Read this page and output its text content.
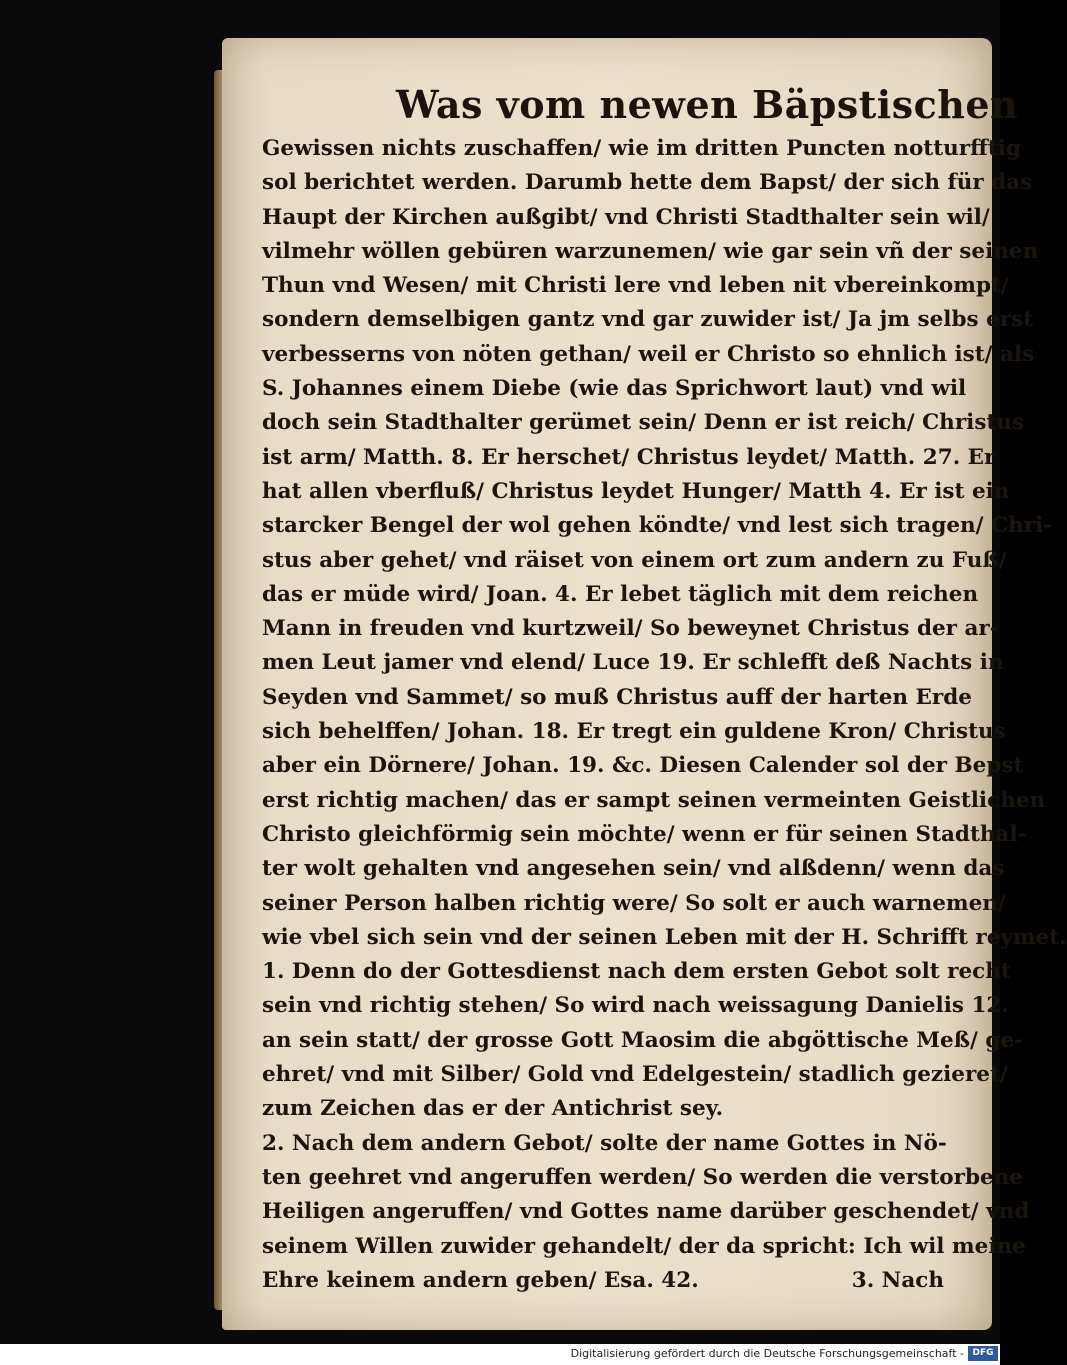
Was vom newen Bäpstischen
Gewissen nichts zuschaffen/ wie im dritten Puncten notturfftig
sol berichtet werden. Darumb hette dem Bapst/ der sich für das
Haupt der Kirchen außgibt/ vnd Christi Stadthalter sein wil/
vilmehr wöllen gebüren warzunemen/ wie gar sein vñ der seinen
Thun vnd Wesen/ mit Christi lere vnd leben nit vbereinkompt/
sondern demselbigen gantz vnd gar zuwider ist/ Ja jm selbs erst
verbesserns von nöten gethan/ weil er Christo so ehnlich ist/ als
S. Johannes einem Diebe (wie das Sprichwort laut) vnd wil
doch sein Stadthalter gerümet sein/ Denn er ist reich/ Christus
ist arm/ Matth. 8. Er herschet/ Christus leydet/ Matth. 27. Er
hat allen vberfluß/ Christus leydet Hunger/ Matth 4. Er ist ein
starcker Bengel der wol gehen köndte/ vnd lest sich tragen/ Chri-
stus aber gehet/ vnd räiset von einem ort zum andern zu Fuß/
das er müde wird/ Joan. 4. Er lebet täglich mit dem reichen
Mann in freuden vnd kurtzweil/ So beweynet Christus der ar-
men Leut jamer vnd elend/ Luce 19. Er schlefft deß Nachts in
Seyden vnd Sammet/ so muß Christus auff der harten Erde
sich behelffen/ Johan. 18. Er tregt ein guldene Kron/ Christus
aber ein Dörnere/ Johan. 19. &c. Diesen Calender sol der Bepst
erst richtig machen/ das er sampt seinen vermeinten Geistlichen
Christo gleichförmig sein möchte/ wenn er für seinen Stadthal-
ter wolt gehalten vnd angesehen sein/ vnd alßdenn/ wenn das
seiner Person halben richtig were/ So solt er auch warnemen/
wie vbel sich sein vnd der seinen Leben mit der H. Schrifft reymet.
1. Denn do der Gottesdienst nach dem ersten Gebot solt recht
sein vnd richtig stehen/ So wird nach weissagung Danielis 12.
an sein statt/ der grosse Gott Maosim die abgöttische Meß/ ge-
ehret/ vnd mit Silber/ Gold vnd Edelgestein/ stadlich gezieret/
zum Zeichen das er der Antichrist sey.
2. Nach dem andern Gebot/ solte der name Gottes in Nö-
ten geehret vnd angeruffen werden/ So werden die verstorbene
Heiligen angeruffen/ vnd Gottes name darüber geschendet/ vnd
seinem Willen zuwider gehandelt/ der da spricht: Ich wil meine
Ehre keinem andern geben/ Esa. 42.	3. Nach
Digitalisierung gefördert durch die Deutsche Forschungsgemeinschaft - DFG
